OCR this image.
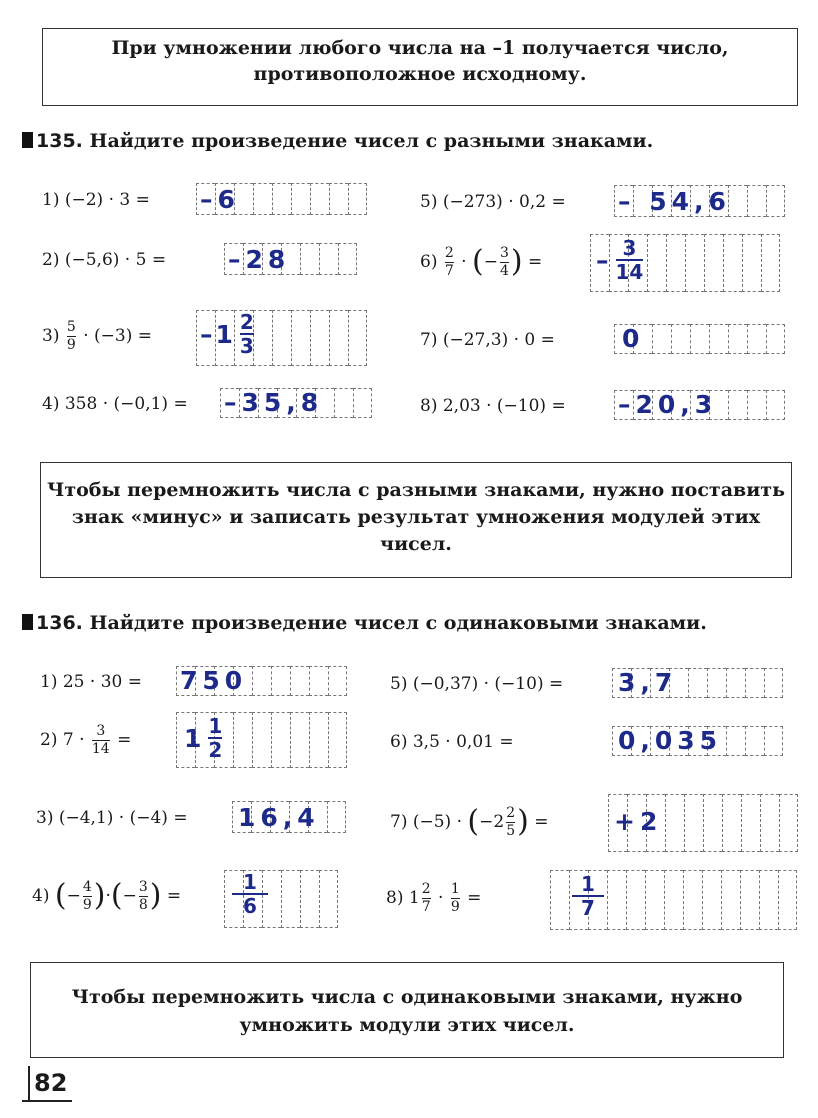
При умножении любого числа на –1 получается число, противоположное исходному.
135. Найдите произведение чисел с разными знаками.
1)
(−2) · 3 = –6
2)
(−5,6) · 5 = –28
3)
$\frac{5}{9}$
· (−3) = –1 2
3
4)
358 · (−0,1) = –35,8
5)
(−273) · 0,2 = – 54,6
6)
$\frac{2}{7}$ · ( − $\frac{3}{4}$ )
= – 3
14
7)
(−27,3) · 0 =	0
8)
2,03 · (−10) = –20,3
Чтобы перемножить числа с разными знаками, нужно поставить знак «минус» и записать результат умножения модулей этих чисел.
136. Найдите произведение чисел с одинаковыми знаками.
1)
25 · 30 = 750
2)
7 ·
$\frac{3}{14}$
= 1 1
2
3)
(−4,1) · (−4) = 16,4
4)
( − $\frac{4}{9}$ ) · ( − $\frac{3}{8}$ )
=
1
6
5)
(−0,37) · (−10) = 3,7
6)
3,5 · 0,01 =	0,035
7)
(−5) ·
( $-2 \frac{2}{5}$ )
=	+2
8)
$1 \frac{2}{7} \cdot \frac{1}{9}$
=
1
7
Чтобы перемножить числа с одинаковыми знаками, нужно умножить модули этих чисел.
82
